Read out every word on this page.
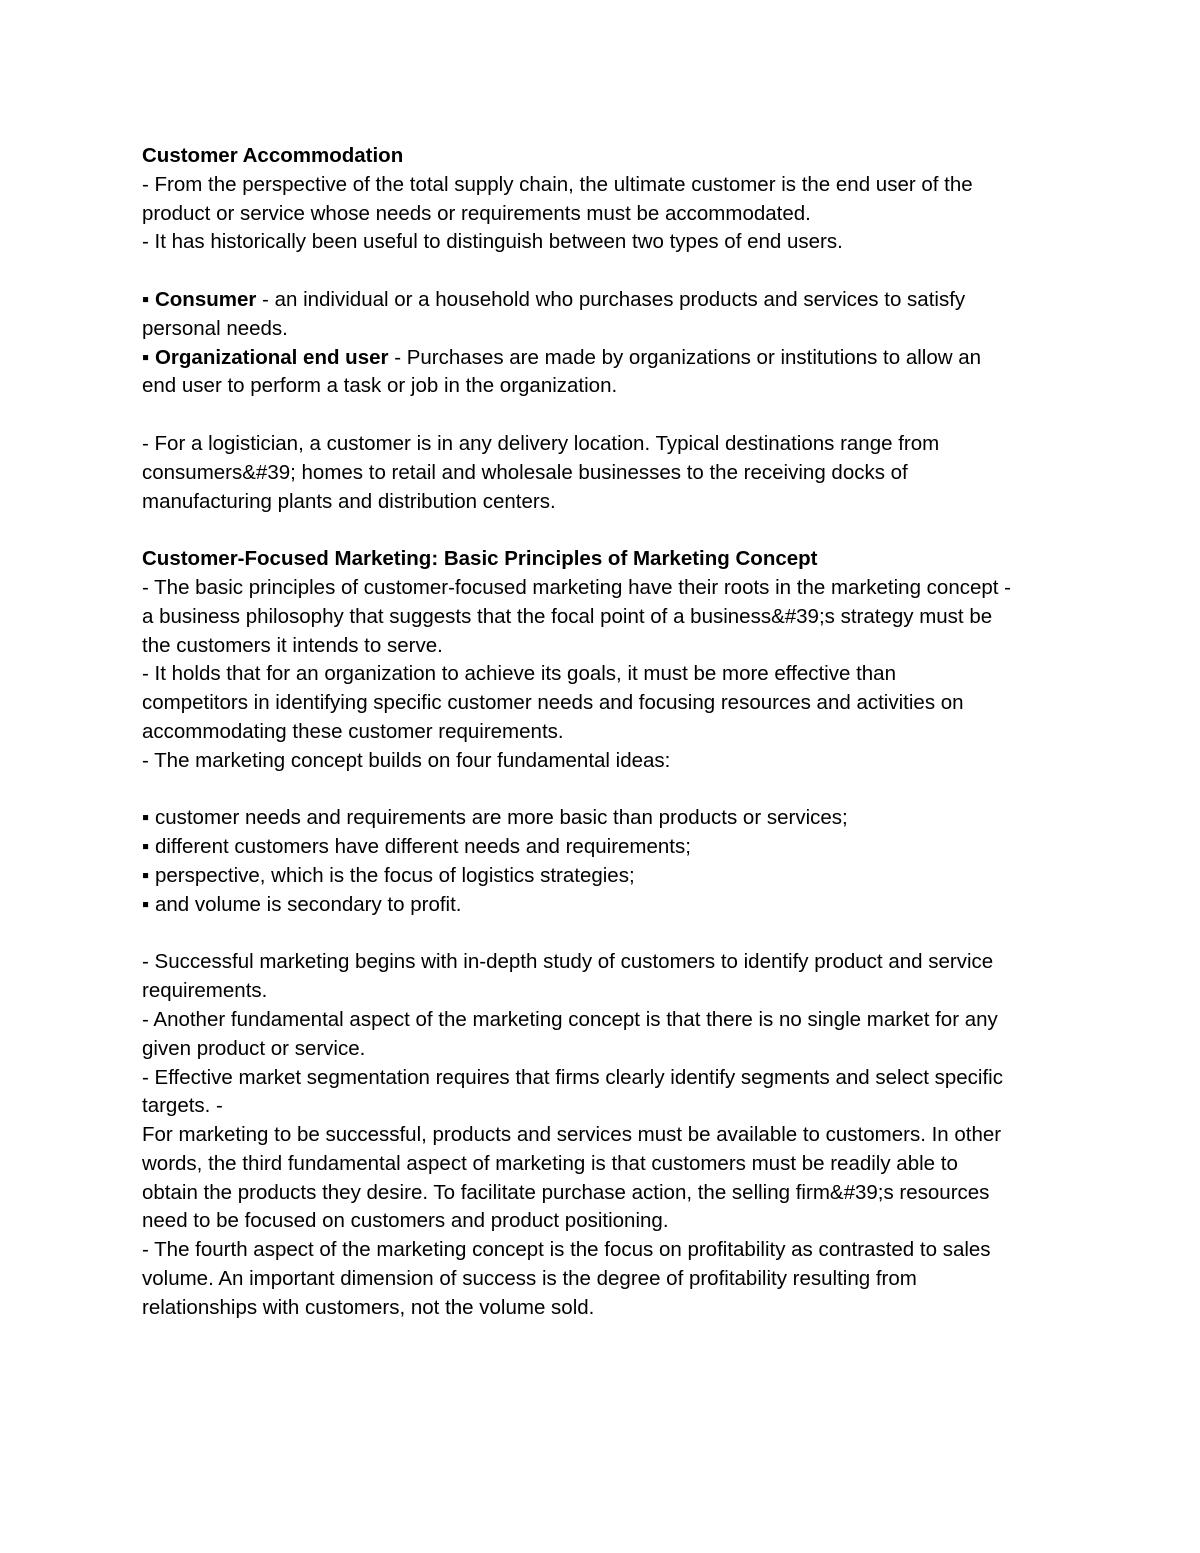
Customer Accommodation

- From the perspective of the total supply chain, the ultimate customer is the end user of the

product or service whose needs or requirements must be accommodated.

- It has historically been useful to distinguish between two types of end users.

▪ Consumer - an individual or a household who purchases products and services to satisfy

personal needs.

▪ Organizational end user - Purchases are made by organizations or institutions to allow an

end user to perform a task or job in the organization.

- For a logistician, a customer is in any delivery location. Typical destinations range from

consumers&#39; homes to retail and wholesale businesses to the receiving docks of

manufacturing plants and distribution centers.

Customer-Focused Marketing: Basic Principles of Marketing Concept

- The basic principles of customer-focused marketing have their roots in the marketing concept -

a business philosophy that suggests that the focal point of a business&#39;s strategy must be

the customers it intends to serve.

- It holds that for an organization to achieve its goals, it must be more effective than

competitors in identifying specific customer needs and focusing resources and activities on

accommodating these customer requirements.

- The marketing concept builds on four fundamental ideas:

▪ customer needs and requirements are more basic than products or services;

▪ different customers have different needs and requirements;

▪ perspective, which is the focus of logistics strategies;

▪ and volume is secondary to profit.

- Successful marketing begins with in-depth study of customers to identify product and service

requirements.

- Another fundamental aspect of the marketing concept is that there is no single market for any

given product or service.

- Effective market segmentation requires that firms clearly identify segments and select specific

targets. -

For marketing to be successful, products and services must be available to customers. In other

words, the third fundamental aspect of marketing is that customers must be readily able to

obtain the products they desire. To facilitate purchase action, the selling firm&#39;s resources

need to be focused on customers and product positioning.

- The fourth aspect of the marketing concept is the focus on profitability as contrasted to sales

volume. An important dimension of success is the degree of profitability resulting from

relationships with customers, not the volume sold.
